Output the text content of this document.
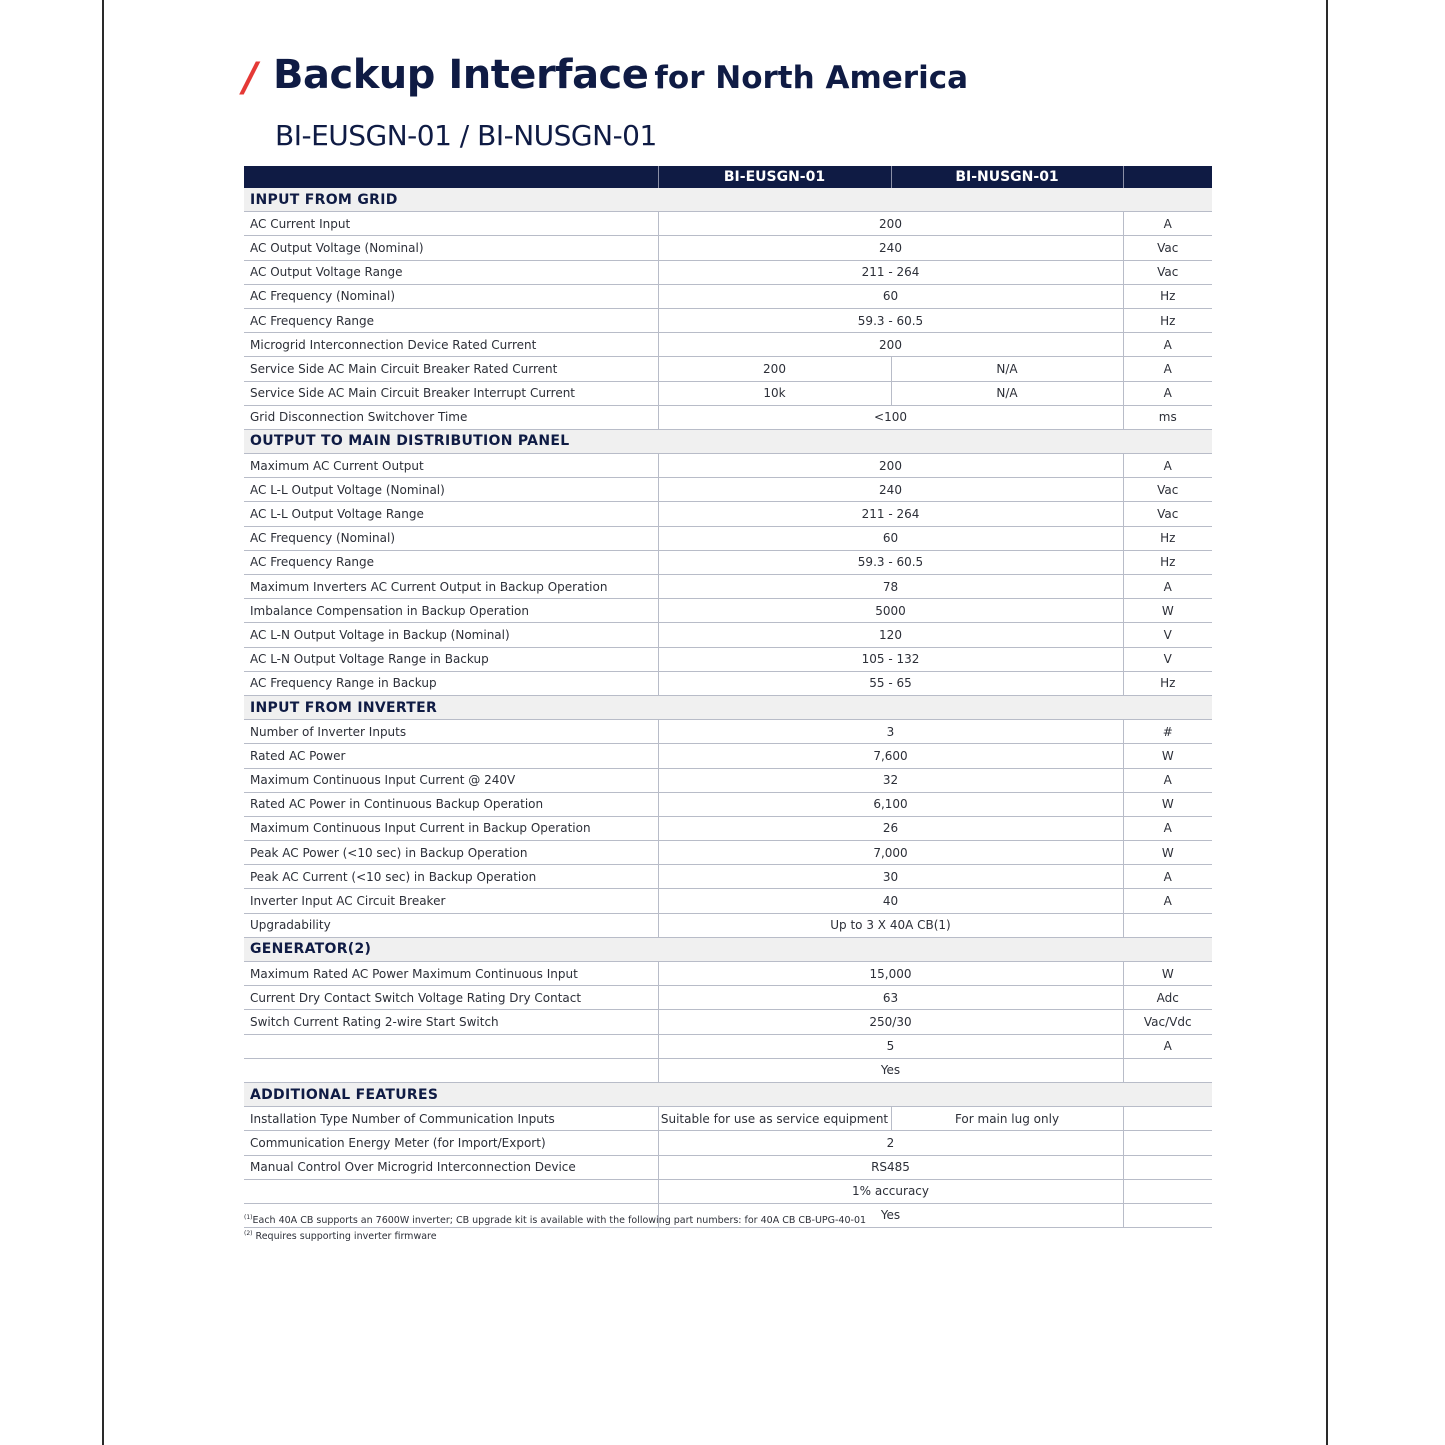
/ Backup Interface for North America
BI-EUSGN-01 / BI-NUSGN-01
	BI-EUSGN-01	BI-NUSGN-01	
INPUT FROM GRID			
AC Current Input	200		A
AC Output Voltage (Nominal)	240		Vac
AC Output Voltage Range	211 - 264		Vac
AC Frequency (Nominal)	60		Hz
AC Frequency Range	59.3 - 60.5		Hz
Microgrid Interconnection Device Rated Current	200		A
Service Side AC Main Circuit Breaker Rated Current	200	N/A	A
Service Side AC Main Circuit Breaker Interrupt Current	10k	N/A	A
Grid Disconnection Switchover Time	<100		ms
OUTPUT TO MAIN DISTRIBUTION PANEL			
Maximum AC Current Output	200		A
AC L-L Output Voltage (Nominal)	240		Vac
AC L-L Output Voltage Range	211 - 264		Vac
AC Frequency (Nominal)	60		Hz
AC Frequency Range	59.3 - 60.5		Hz
Maximum Inverters AC Current Output in Backup Operation	78		A
Imbalance Compensation in Backup Operation	5000		W
AC L-N Output Voltage in Backup (Nominal)	120		V
AC L-N Output Voltage Range in Backup	105 - 132		V
AC Frequency Range in Backup	55 - 65		Hz
INPUT FROM INVERTER			
Number of Inverter Inputs	3		#
Rated AC Power	7,600		W
Maximum Continuous Input Current @ 240V	32		A
Rated AC Power in Continuous Backup Operation	6,100		W
Maximum Continuous Input Current in Backup Operation	26		A
Peak AC Power (<10 sec) in Backup Operation	7,000		W
Peak AC Current (<10 sec) in Backup Operation	30		A
Inverter Input AC Circuit Breaker	40		A
Upgradability	Up to 3 X 40A CB(1)		
GENERATOR(2)			
Maximum Rated AC Power Maximum Continuous Input	15,000		W
Current Dry Contact Switch Voltage Rating Dry Contact	63		Adc
Switch Current Rating 2-wire Start Switch	250/30		Vac/Vdc
	5		A
	Yes		
ADDITIONAL FEATURES			
Installation Type Number of Communication Inputs	Suitable for use as service equipment	For main lug only	
Communication Energy Meter (for Import/Export)	2		
Manual Control Over Microgrid Interconnection Device	RS485		
	1% accuracy		
	Yes		
$^{(1)}$Each 40A CB supports an 7600W inverter; CB upgrade kit is available with the following part numbers: for 40A CB CB-UPG-40-01
$^{(2)}$ Requires supporting inverter firmware
